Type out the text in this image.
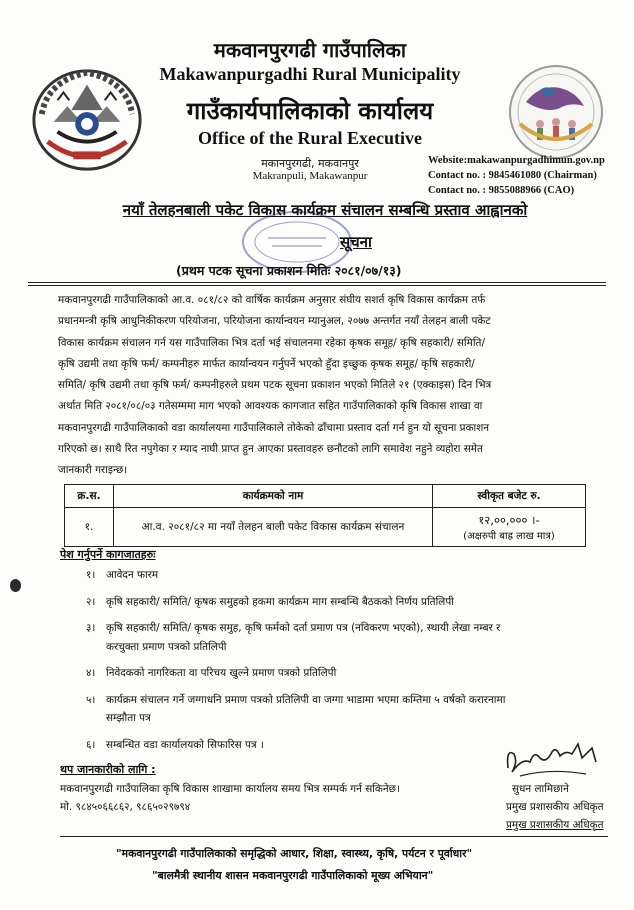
मकवानपुरगढी गाउँपालिका
Makawanpurgadhi Rural Municipality
गाउँकार्यपालिकाको कार्यालय
Office of the Rural Executive
मकानपुरगढी, मकवानपुर
Makranpuli, Makawanpur
Website:makawanpurgadhimun.gov.np
Contact no. : 9845461080 (Chairman)
Contact no. : 9855088966 (CAO)
नयाँ तेलहनबाली पकेट विकास कार्यक्रम संचालन सम्बन्धि प्रस्ताव आह्वानको
सूचना
(प्रथम पटक सूचना प्रकाशन मितिः २०८१/०७/१३)
मकवानपुरगढी गाउँपालिकाको आ.व. ०८१/८२ को वार्षिक कार्यक्रम अनुसार संघीय सशर्त कृषि विकास कार्यक्रम तर्फ
प्रधानमन्त्री कृषि आधुनिकीकरण परियोजना, परियोजना कार्यान्वयन म्यानुअल, २०७७ अन्तर्गत नयाँ तेलहन बाली पकेट
विकास कार्यक्रम संचालन गर्न यस गाउँपालिका भित्र दर्ता भई संचालनमा रहेका कृषक समूह/ कृषि सहकारी/ समिति/
कृषि उद्यमी तथा कृषि फर्म/ कम्पनीहरु मार्फत कार्यान्वयन गर्नुपर्ने भएको हुँदा इच्छुक कृषक समूह/ कृषि सहकारी/
समिति/ कृषि उद्यमी तथा कृषि फर्म/ कम्पनीहरुले प्रथम पटक सूचना प्रकाशन भएको मितिले २१ (एक्काइस) दिन भित्र
अर्थात मिति २०८१/०८/०३ गतेसम्ममा माग भएको आवश्यक कागजात सहित गाउँपालिकाको कृषि विकास शाखा वा
मकवानपुरगढी गाउँपालिकाको वडा कार्यालयमा गाउँपालिकाले तोकेको ढाँचामा प्रस्ताव दर्ता गर्न हुन यो सूचना प्रकाशन
गरिएको छ। साथै रित नपुगेका र म्याद नाघी प्राप्त हुन आएका प्रस्तावहरु छनौटको लागि समावेश नहुने व्यहोरा समेत
जानकारी गराइन्छ।
क्र.स.	कार्यक्रमको नाम	स्वीकृत बजेट रु.
१.	आ.व. २०८१/८२ मा नयाँ तेलहन बाली पकेट विकास कार्यक्रम संचालन	१२,००,००० ।-
(अक्षरुपी बाह्र लाख मात्र)
पेश गर्नुपर्ने कागजातहरुः
१। आवेदन फारम
२। कृषि सहकारी/ समिति/ कृषक समुहको हकमा कार्यक्रम माग सम्बन्धि बैठकको निर्णय प्रतिलिपी
३। कृषि सहकारी/ समिति/ कृषक समुह, कृषि फर्मको दर्ता प्रमाण पत्र (नविकरण भएको), स्थायी लेखा नम्बर र
करचुक्ता प्रमाण पत्रको प्रतिलिपी
४। निवेदकको नागरिकता वा परिचय खुल्ने प्रमाण पत्रको प्रतिलिपी
५। कार्यक्रम संचालन गर्ने जग्गाधनि प्रमाण पत्रको प्रतिलिपी वा जग्गा भाडामा भएमा कम्तिमा ५ वर्षको करारनामा
सम्झौता पत्र
६। सम्बन्धित वडा कार्यालयको सिफारिस पत्र ।
थप जानकारीको लागि :
मकवानपुरगढी गाउँपालिका कृषि विकास शाखामा कार्यालय समय भित्र सम्पर्क गर्न सकिनेछ।
मो. ९८४५०६६८६२, ९८६५०२९७९४
सुधन लामिछाने
प्रमुख प्रशासकीय अधिकृत
प्रमुख प्रशासकीय अधिकृत
"मकवानपुरगढी गाउँपालिकाको समृद्धिको आधार, शिक्षा, स्वास्थ्य, कृषि, पर्यटन र पूर्वाधार"
"बालमैत्री स्थानीय शासन मकवानपुरगढी गाउँपालिकाको मूख्य अभियान"
